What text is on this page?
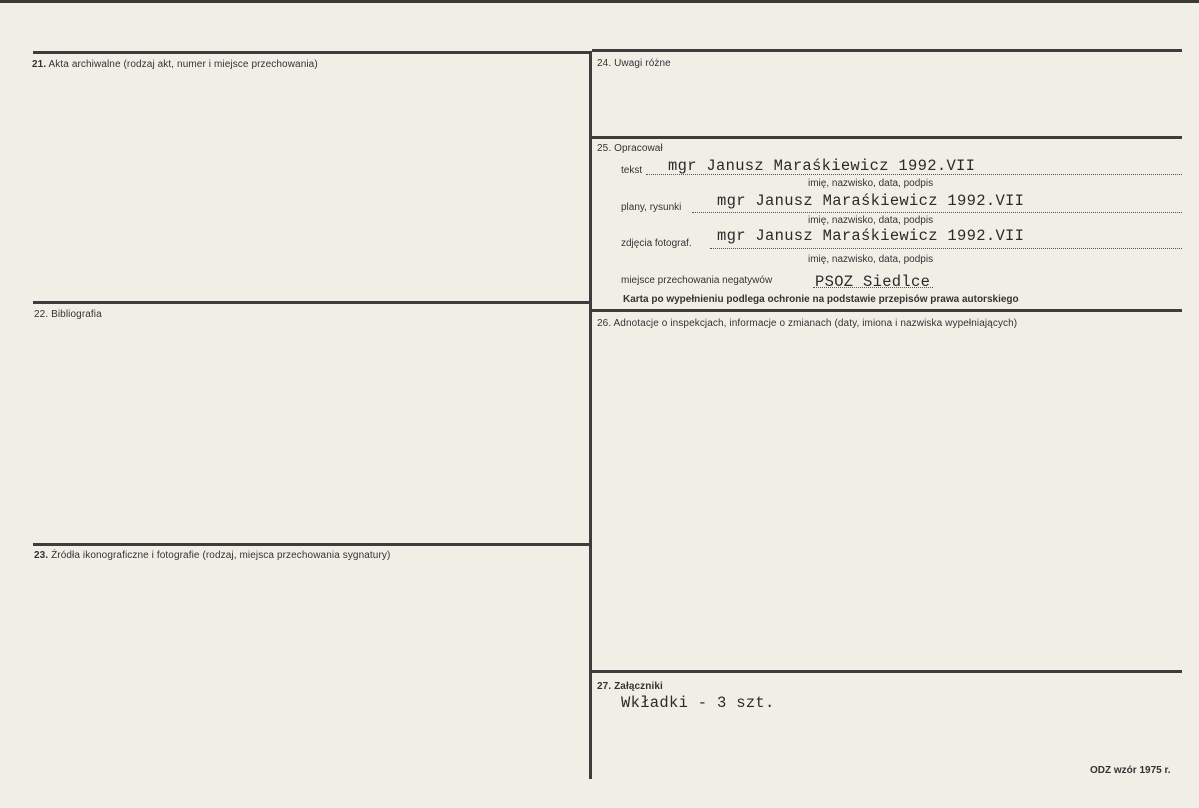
21. Akta archiwalne (rodzaj akt, numer i miejsce przechowania)
22. Bibliografia
23. Źródła ikonograficzne i fotografie (rodzaj, miejsca przechowania sygnatury)
24. Uwagi różne
25. Opracował
tekst mgr Janusz Maraśkiewicz 1992.VII
imię, nazwisko, data, podpis
plany, rysunki mgr Janusz Maraśkiewicz 1992.VII
imię, nazwisko, data, podpis
zdjęcia fotograf. mgr Janusz Maraśkiewicz 1992.VII
imię, nazwisko, data, podpis
miejsce przechowania negatywów	PSOZ Siedlce
Karta po wypełnieniu podlega ochronie na podstawie przepisów prawa autorskiego
26. Adnotacje o inspekcjach, informacje o zmianach (daty, imiona i nazwiska wypełniających)
27. Załączniki
Wkładki - 3 szt.
ODZ wzór 1975 r.
